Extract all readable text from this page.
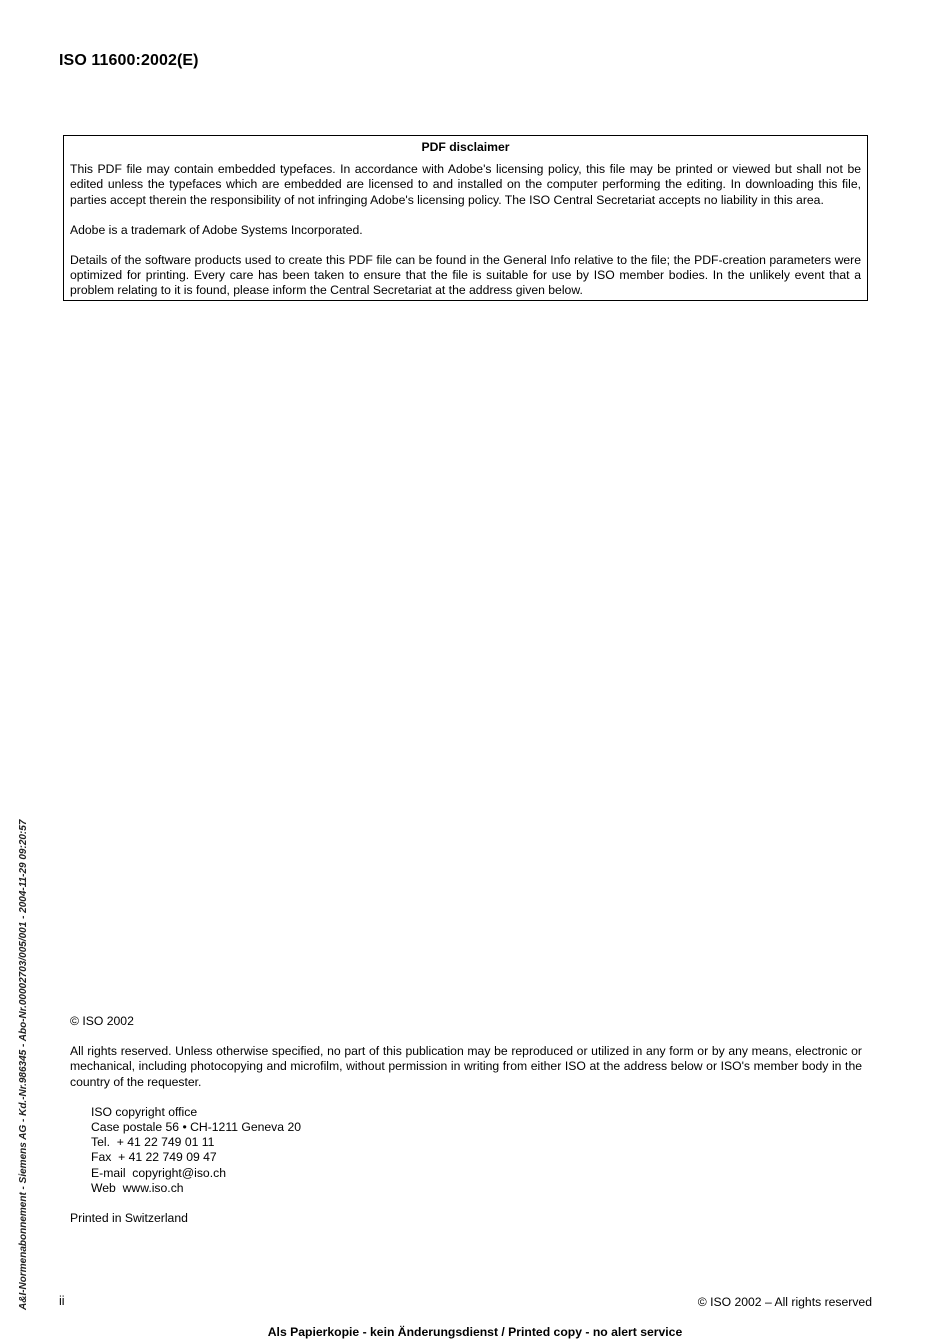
ISO 11600:2002(E)
PDF disclaimer

This PDF file may contain embedded typefaces. In accordance with Adobe's licensing policy, this file may be printed or viewed but shall not be edited unless the typefaces which are embedded are licensed to and installed on the computer performing the editing. In downloading this file, parties accept therein the responsibility of not infringing Adobe's licensing policy. The ISO Central Secretariat accepts no liability in this area.

Adobe is a trademark of Adobe Systems Incorporated.

Details of the software products used to create this PDF file can be found in the General Info relative to the file; the PDF-creation parameters were optimized for printing. Every care has been taken to ensure that the file is suitable for use by ISO member bodies. In the unlikely event that a problem relating to it is found, please inform the Central Secretariat at the address given below.

A&I-Normenabonnement - Siemens AG - Kd.-Nr.986345 - Abo-Nr.00002703/005/001 - 2004-11-29 09:20:57	© ISO 2002
All rights reserved. Unless otherwise specified, no part of this publication may be reproduced or utilized in any form or by any means, electronic or mechanical, including photocopying and microfilm, without permission in writing from either ISO at the address below or ISO's member body in the country of the requester.
ISO copyright office
Case postale 56 • CH-1211 Geneva 20
Tel.  + 41 22 749 01 11
Fax  + 41 22 749 09 47
E-mail  copyright@iso.ch
Web  www.iso.ch
Printed in Switzerland
ii	© ISO 2002 – All rights reserved
Als Papierkopie - kein Änderungsdienst / Printed copy - no alert service
